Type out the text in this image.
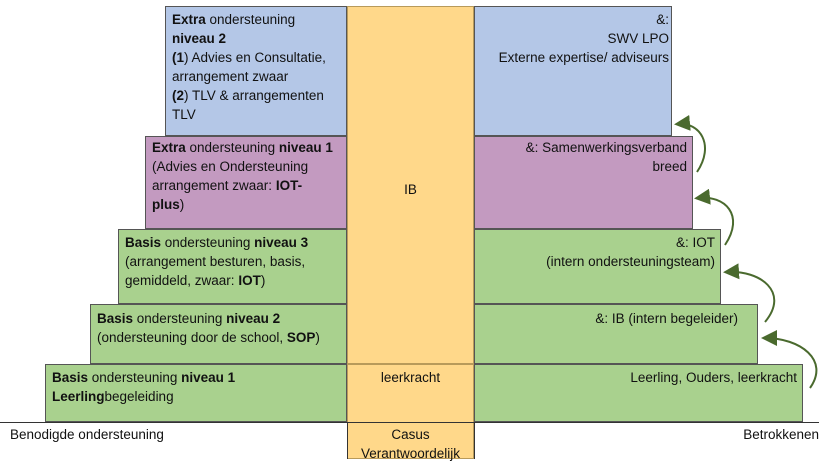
Extra ondersteuning
niveau 2
(1) Advies en Consultatie,
arrangement zwaar
(2) TLV & arrangementen
TLV
&:
SWV LPO
Externe expertise/ adviseurs
Extra ondersteuning niveau 1
(Advies en Ondersteuning
arrangement zwaar: IOT-
plus)
&: Samenwerkingsverband
breed
Basis ondersteuning niveau 3
(arrangement besturen, basis,
gemiddeld, zwaar: IOT)
&: IOT
(intern ondersteuningsteam)
Basis ondersteuning niveau 2
(ondersteuning door de school, SOP)
&: IB (intern begeleider)
Basis ondersteuning niveau 1
Leerlingbegeleiding
Leerling, Ouders, leerkracht
IB
leerkracht
Benodigde ondersteuning	Casus
Verantwoordelijk
Betrokkenen
